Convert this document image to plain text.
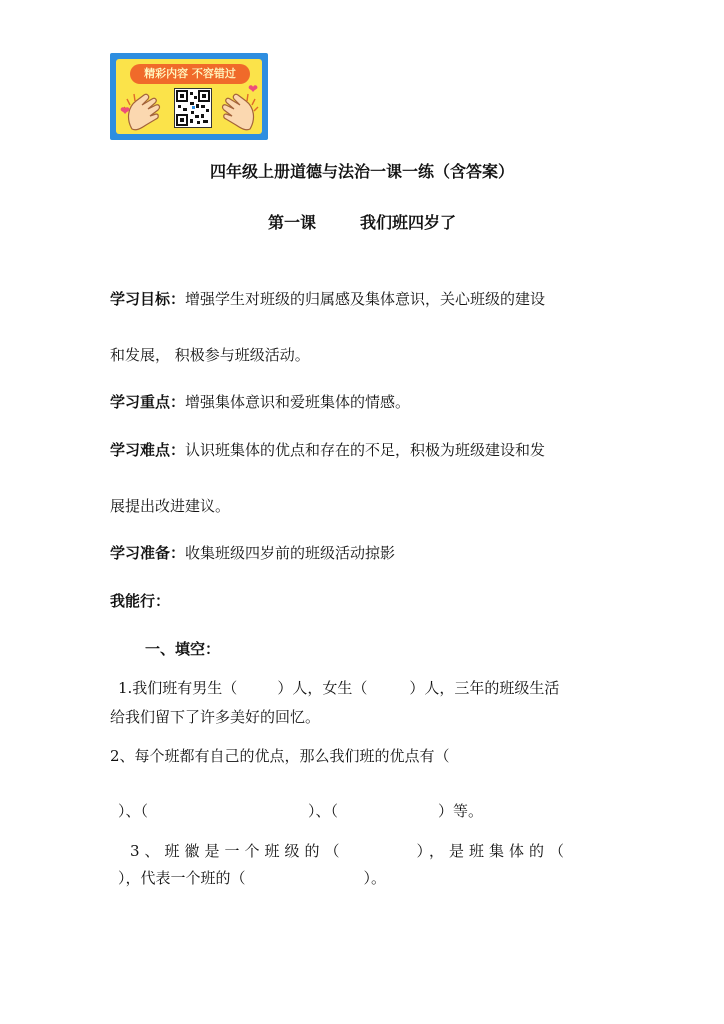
精彩内容 不容错过
❤
❤
四年级上册道德与法治一课一练（含答案）
第一课	我们班四岁了
学习目标：增强学生对班级的归属感及集体意识，关心班级的建设
和发展， 积极参与班级活动。
学习重点：增强集体意识和爱班集体的情感。
学习难点：认识班集体的优点和存在的不足，积极为班级建设和发
展提出改进建议。
学习准备：收集班级四岁前的班级活动掠影
我能行：
一、填空：
1.我们班有男生（	）人，女生（	）人，三年的班级生活
给我们留下了许多美好的回忆。
2、每个班都有自己的优点，那么我们班的优点有（
）、（	）、（	）等。
3、班徽是一个班级的（	），是班集体的（
），代表一个班的（	）。
